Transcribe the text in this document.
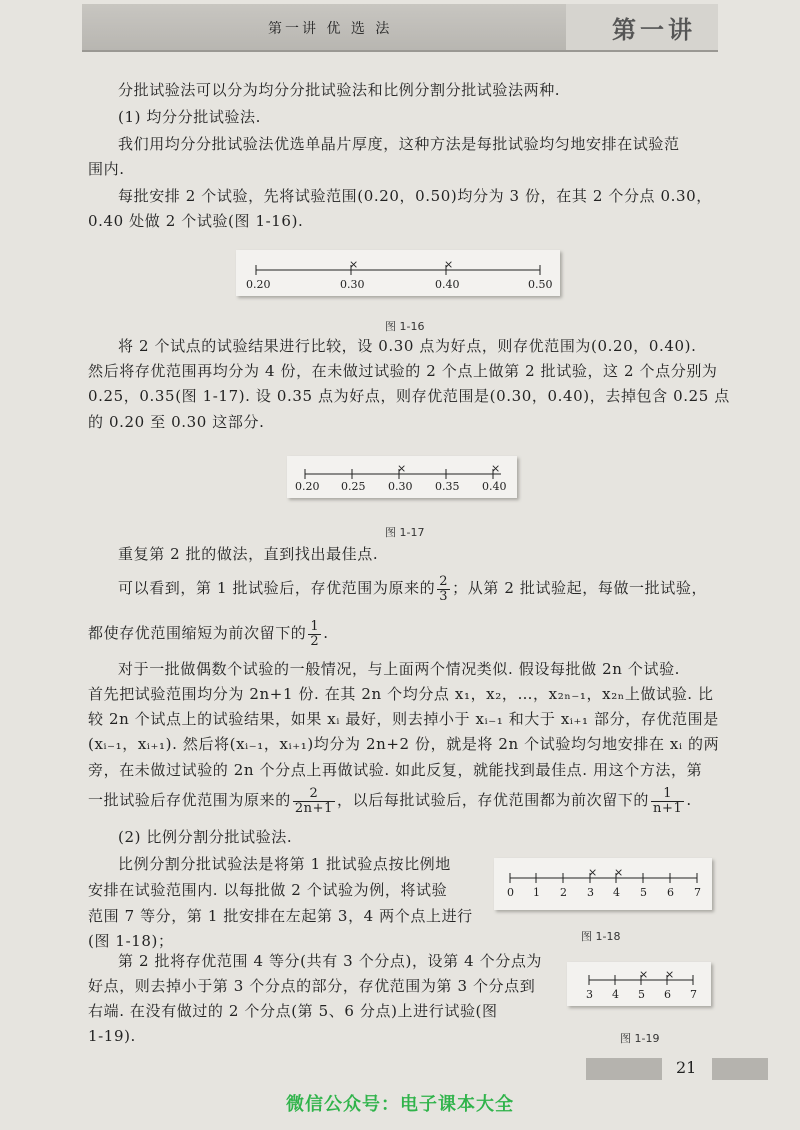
第一讲 优 选 法	第一讲

分批试验法可以分为均分分批试验法和比例分割分批试验法两种.

(1) 均分分批试验法.

我们用均分分批试验法优选单晶片厚度，这种方法是每批试验均匀地安排在试验范

围内.

每批安排 2 个试验，先将试验范围(0.20，0.50)均分为 3 份，在其 2 个分点 0.30，

0.40 处做 2 个试验(图 1-16).

×	×
0.20	0.30	0.40	0.50
图 1-16

将 2 个试点的试验结果进行比较，设 0.30 点为好点，则存优范围为(0.20，0.40).

然后将存优范围再均分为 4 份，在未做过试验的 2 个点上做第 2 批试验，这 2 个点分别为

0.25，0.35(图 1-17). 设 0.35 点为好点，则存优范围是(0.30，0.40)，去掉包含 0.25 点

的 0.20 至 0.30 这部分.

×	×
0.20 0.25 0.30 0.35 0.40
图 1-17

重复第 2 批的做法，直到找出最佳点.

可以看到，第 1 批试验后，存优范围为原来的 $\frac{2}{3}$ ；从第 2 批试验起，每做一批试验，

都使存优范围缩短为前次留下的 $\frac{1}{2}$ .

对于一批做偶数个试验的一般情况，与上面两个情况类似. 假设每批做 2n 个试验.

首先把试验范围均分为 2n+1 份. 在其 2n 个均分点 x₁，x₂，…，x₂ₙ₋₁，x₂ₙ上做试验. 比

较 2n 个试点上的试验结果，如果 xᵢ 最好，则去掉小于 xᵢ₋₁ 和大于 xᵢ₊₁ 部分，存优范围是

(xᵢ₋₁，xᵢ₊₁). 然后将(xᵢ₋₁，xᵢ₊₁)均分为 2n+2 份，就是将 2n 个试验均匀地安排在 xᵢ 的两

旁，在未做过试验的 2n 个分点上再做试验. 如此反复，就能找到最佳点. 用这个方法，第

一批试验后存优范围为原来的 $\frac{2}{2n+1}$ ，以后每批试验后，存优范围都为前次留下的 $\frac{1}{n+1}$ .

(2) 比例分割分批试验法.

比例分割分批试验法是将第 1 批试验点按比例地

安排在试验范围内. 以每批做 2 个试验为例，将试验

范围 7 等分，第 1 批安排在左起第 3，4 两个点上进行

(图 1-18)；

第 2 批将存优范围 4 等分(共有 3 个分点)，设第 4 个分点为

好点，则去掉小于第 3 个分点的部分，存优范围为第 3 个分点到

右端. 在没有做过的 2 个分点(第 5、6 分点)上进行试验(图

1-19).

× ×
0 1 2 3 4 5 6 7
图 1-18
× ×
3 4 5 6 7
图 1-19
21
微信公众号：电子课本大全
